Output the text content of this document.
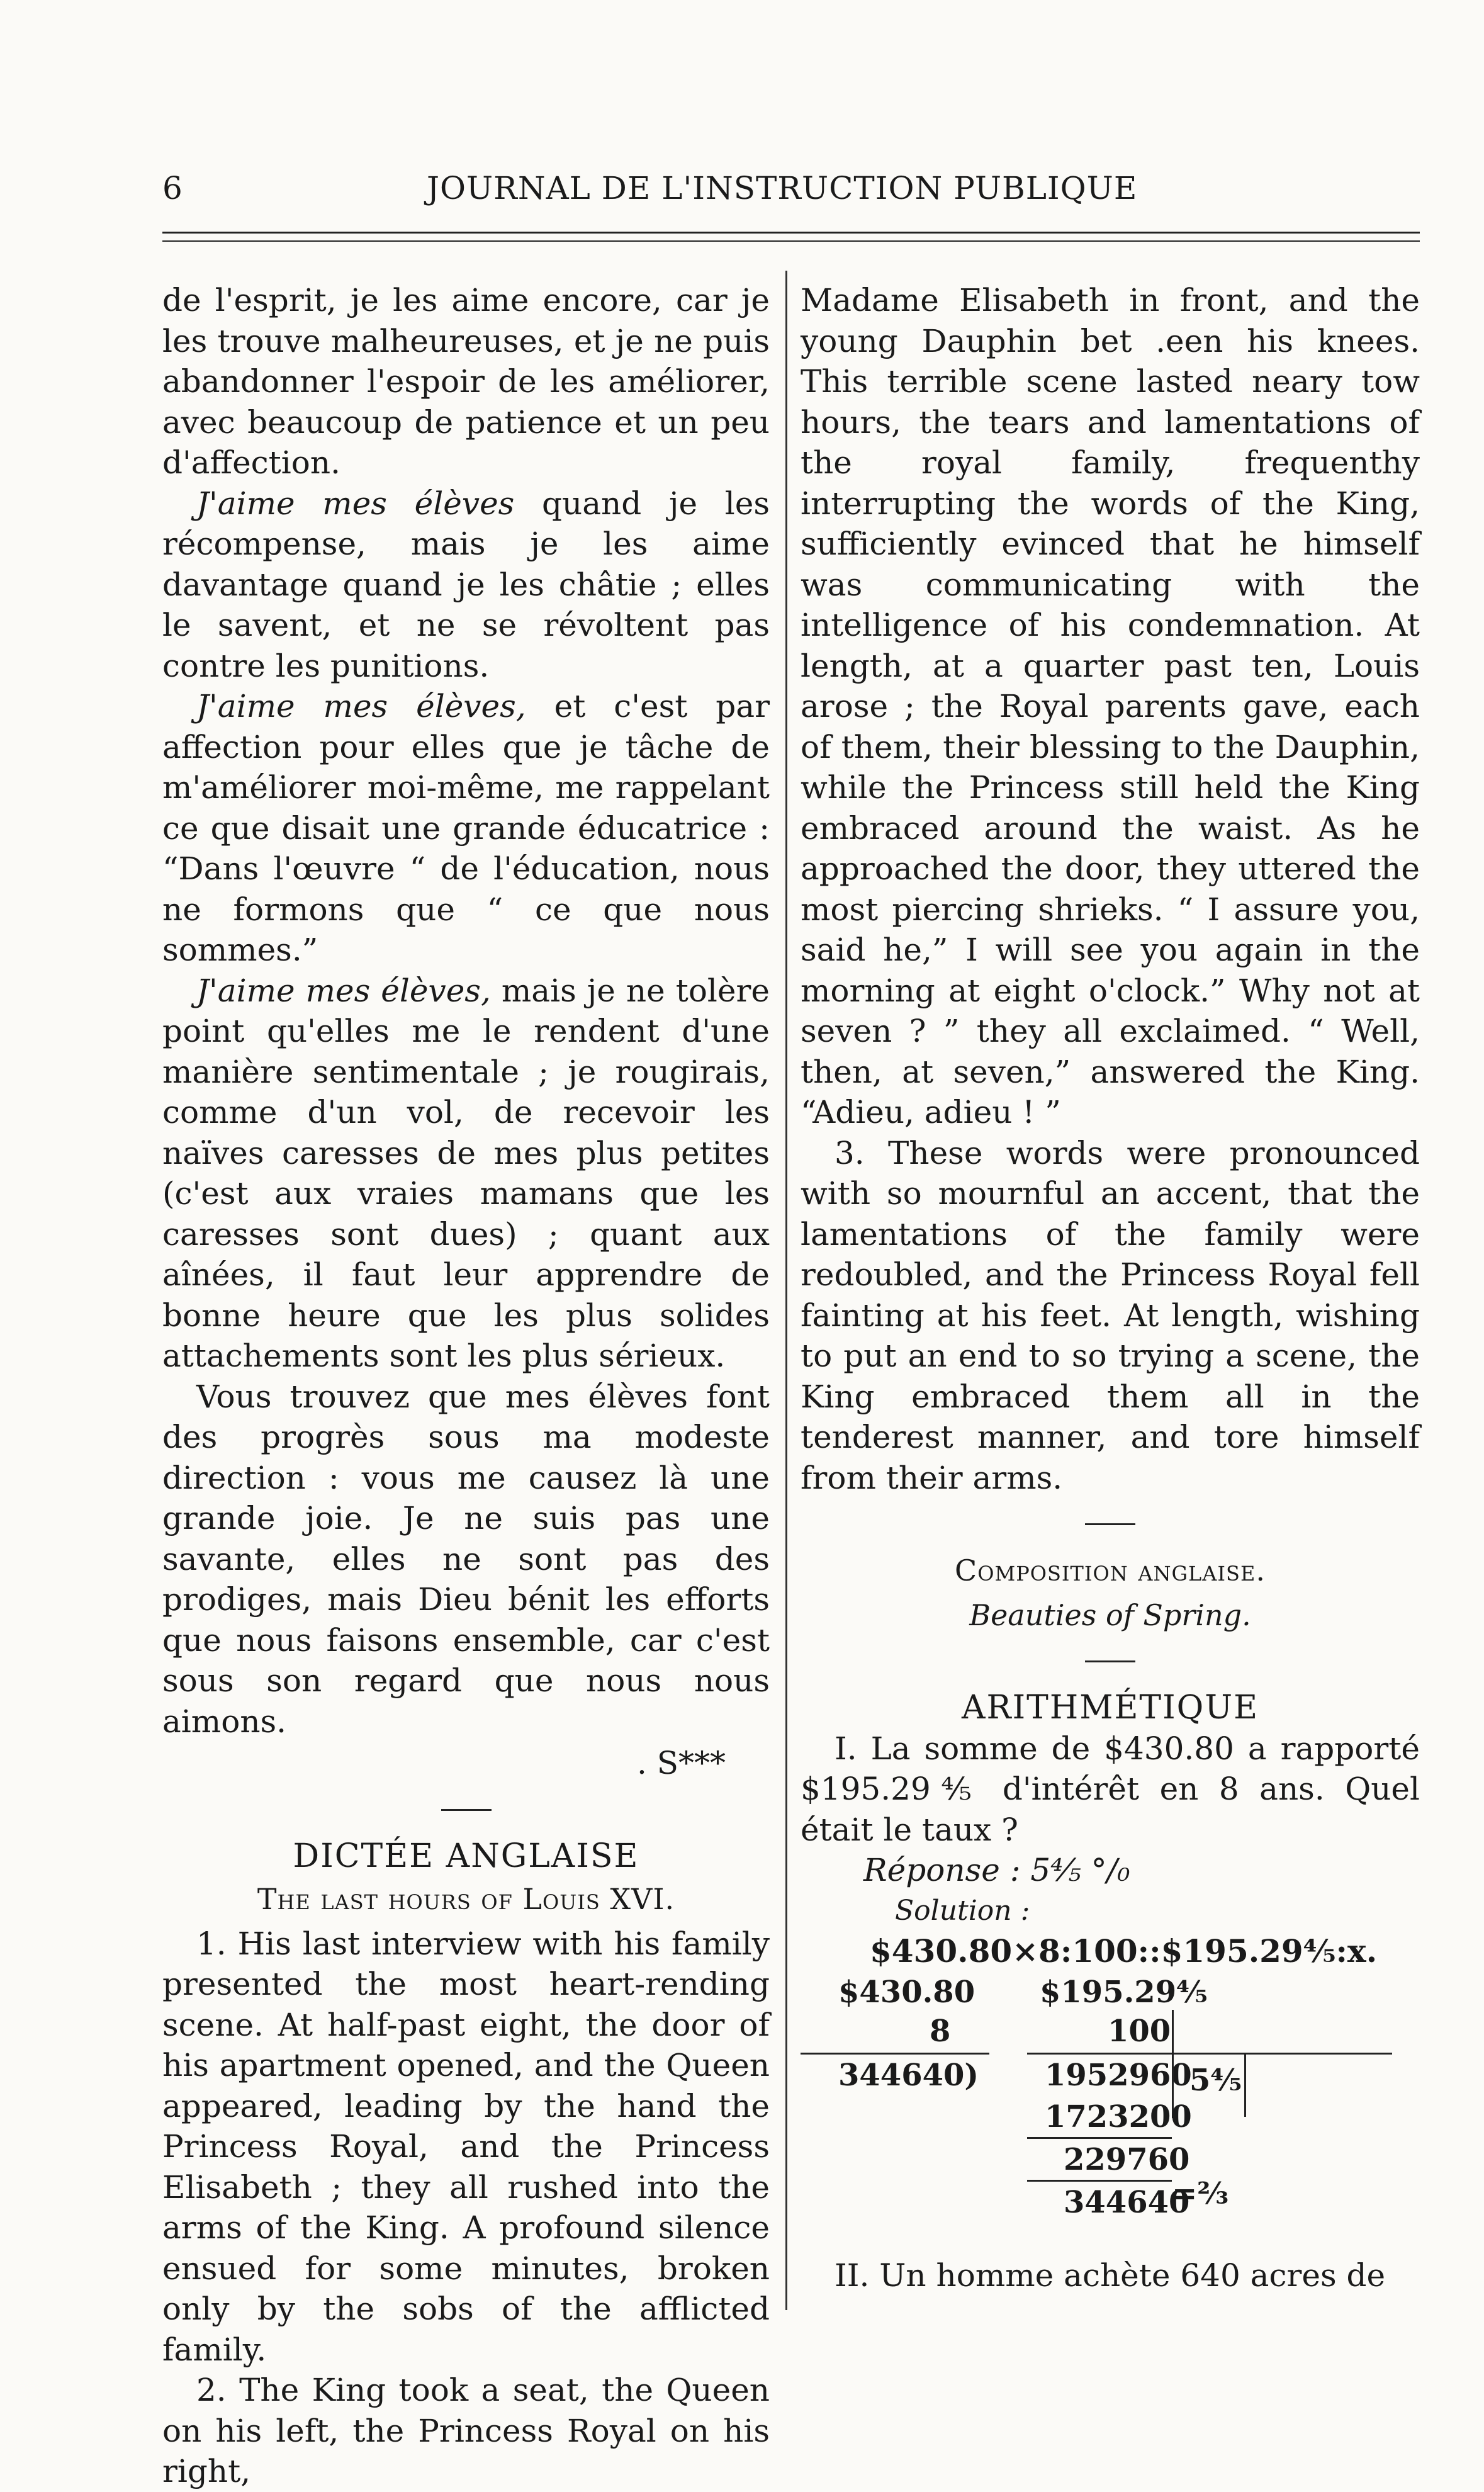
6	JOURNAL DE L'INSTRUCTION PUBLIQUE

de l'esprit, je les aime encore, car je les trouve malheureuses, et je ne puis abandonner l'espoir de les améliorer, avec beaucoup de patience et un peu d'affection.

J'aime mes élèves quand je les récompense, mais je les aime davantage quand je les châtie ; elles le savent, et ne se révoltent pas contre les punitions.

J'aime mes élèves, et c'est par affection pour elles que je tâche de m'améliorer moi-même, me rappelant ce que disait une grande éducatrice : “Dans l'œuvre “ de l'éducation, nous ne formons que “ ce que nous sommes.”

J'aime mes élèves, mais je ne tolère point qu'elles me le rendent d'une manière sentimentale ; je rougirais, comme d'un vol, de recevoir les naïves caresses de mes plus petites (c'est aux vraies mamans que les caresses sont dues) ; quant aux aînées, il faut leur apprendre de bonne heure que les plus solides attachements sont les plus sérieux.

Vous trouvez que mes élèves font des progrès sous ma modeste direction : vous me causez là une grande joie. Je ne suis pas une savante, elles ne sont pas des prodiges, mais Dieu bénit les efforts que nous faisons ensemble, car c'est sous son regard que nous nous aimons.

. S***
DICTÉE ANGLAISE
The last hours of Louis XVI.

1. His last interview with his family presented the most heart-rending scene. At half-past eight, the door of his apartment opened, and the Queen appeared, leading by the hand the Princess Royal, and the Princess Elisabeth ; they all rushed into the arms of the King. A profound silence ensued for some minutes, broken only by the sobs of the afflicted family.

2. The King took a seat, the Queen on his left, the Princess Royal on his right,

Madame Elisabeth in front, and the young Dauphin bet .een his knees. This terrible scene lasted neary tow hours, the tears and lamentations of the royal family, frequenthy interrupting the words of the King, sufficiently evinced that he himself was communicating with the intelligence of his condemnation. At length, at a quarter past ten, Louis arose ; the Royal parents gave, each of them, their blessing to the Dauphin, while the Princess still held the King embraced around the waist. As he approached the door, they uttered the most piercing shrieks. “ I assure you, said he,” I will see you again in the morning at eight o'clock.” Why not at seven ? ” they all exclaimed. “ Well, then, at seven,” answered the King. “Adieu, adieu ! ”

3. These words were pronounced with so mournful an accent, that the lamentations of the family were redoubled, and the Princess Royal fell fainting at his feet. At length, wishing to put an end to so trying a scene, the King embraced them all in the tenderest manner, and tore himself from their arms.

Composition anglaise.
Beauties of Spring.
ARITHMÉTIQUE

I. La somme de $430.80 a rapporté $195.29⅘ d'intérêt en 8 ans. Quel était le taux ?

Réponse : 5⅘ °/₀
Solution :
$430.80×8:100::$195.29⅘:x.
$430.80
8
344640)
$195.29⅘
100
1952960
5⅘
1723200
229760
344640
=⅔

II. Un homme achète 640 acres de
